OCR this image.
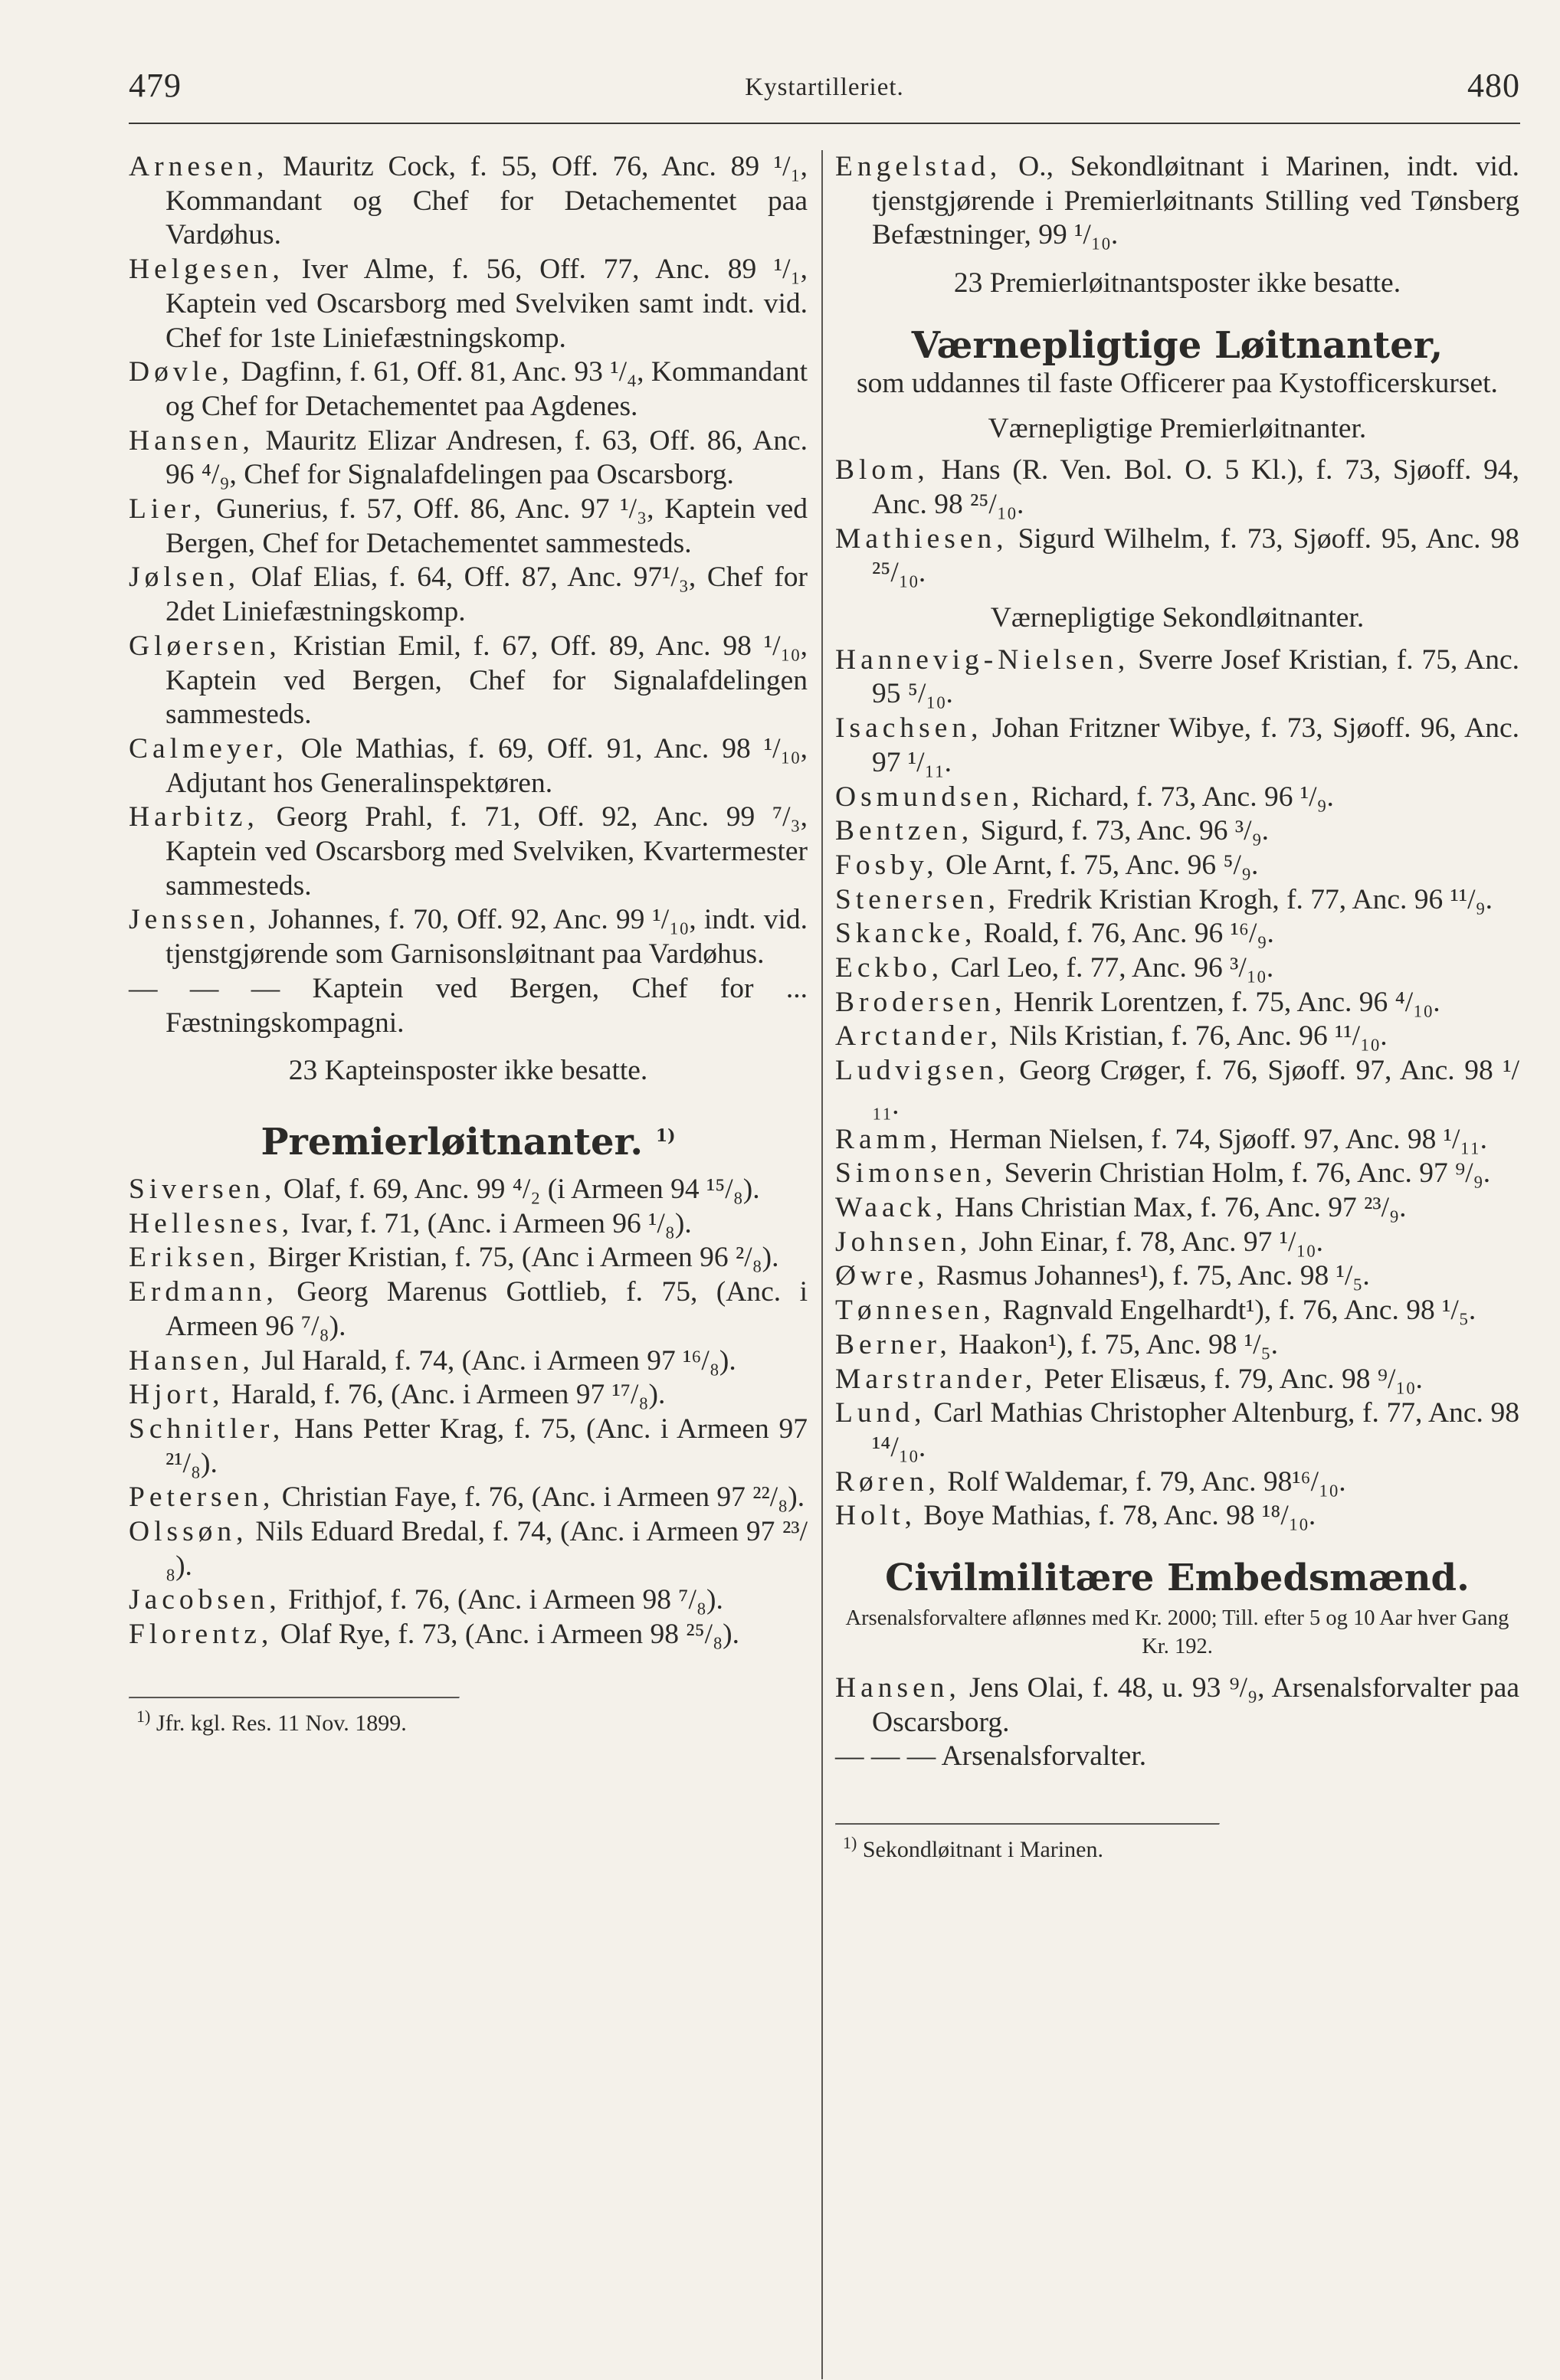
479	Kystartilleriet.	480

Arnesen, Mauritz Cock, f. 55, Off. 76, Anc. 89 ¹/₁, Kommandant og Chef for Detachementet paa Vardøhus.

Helgesen, Iver Alme, f. 56, Off. 77, Anc. 89 ¹/₁, Kaptein ved Oscarsborg med Svelviken samt indt. vid. Chef for 1ste Liniefæstningskomp.

Døvle, Dagfinn, f. 61, Off. 81, Anc. 93 ¹/₄, Kommandant og Chef for Detachementet paa Agdenes.

Hansen, Mauritz Elizar Andresen, f. 63, Off. 86, Anc. 96 ⁴/₉, Chef for Signalafdelingen paa Oscarsborg.

Lier, Gunerius, f. 57, Off. 86, Anc. 97 ¹/₃, Kaptein ved Bergen, Chef for Detachementet sammesteds.

Jølsen, Olaf Elias, f. 64, Off. 87, Anc. 97¹/₃, Chef for 2det Liniefæstningskomp.

Gløersen, Kristian Emil, f. 67, Off. 89, Anc. 98 ¹/₁₀, Kaptein ved Bergen, Chef for Signalafdelingen sammesteds.

Calmeyer, Ole Mathias, f. 69, Off. 91, Anc. 98 ¹/₁₀, Adjutant hos Generalinspektøren.

Harbitz, Georg Prahl, f. 71, Off. 92, Anc. 99 ⁷/₃, Kaptein ved Oscarsborg med Svelviken, Kvartermester sammesteds.

Jenssen, Johannes, f. 70, Off. 92, Anc. 99 ¹/₁₀, indt. vid. tjenstgjørende som Garnisonsløitnant paa Vardøhus.

— — — Kaptein ved Bergen, Chef for ... Fæstningskompagni.

23 Kapteinsposter ikke besatte.

Premierløitnanter. $^{1)}$

Siversen, Olaf, f. 69, Anc. 99 ⁴/₂ (i Armeen 94 ¹⁵/₈).

Hellesnes, Ivar, f. 71, (Anc. i Armeen 96 ¹/₈).

Eriksen, Birger Kristian, f. 75, (Anc i Armeen 96 ²/₈).

Erdmann, Georg Marenus Gottlieb, f. 75, (Anc. i Armeen 96 ⁷/₈).

Hansen, Jul Harald, f. 74, (Anc. i Armeen 97 ¹⁶/₈).

Hjort, Harald, f. 76, (Anc. i Armeen 97 ¹⁷/₈).

Schnitler, Hans Petter Krag, f. 75, (Anc. i Armeen 97 ²¹/₈).

Petersen, Christian Faye, f. 76, (Anc. i Armeen 97 ²²/₈).

Olssøn, Nils Eduard Bredal, f. 74, (Anc. i Armeen 97 ²³/₈).

Jacobsen, Frithjof, f. 76, (Anc. i Armeen 98 ⁷/₈).

Florentz, Olaf Rye, f. 73, (Anc. i Armeen 98 ²⁵/₈).

$^{1)}$ Jfr. kgl. Res. 11 Nov. 1899.

Engelstad, O., Sekondløitnant i Marinen, indt. vid. tjenstgjørende i Premierløitnants Stilling ved Tønsberg Befæstninger, 99 ¹/₁₀.

23 Premierløitnantsposter ikke besatte.

Værnepligtige Løitnanter,

som uddannes til faste Officerer paa Kystofficerskurset.

Værnepligtige Premierløitnanter.

Blom, Hans (R. Ven. Bol. O. 5 Kl.), f. 73, Sjøoff. 94, Anc. 98 ²⁵/₁₀.

Mathiesen, Sigurd Wilhelm, f. 73, Sjøoff. 95, Anc. 98 ²⁵/₁₀.

Værnepligtige Sekondløitnanter.

Hannevig-Nielsen, Sverre Josef Kristian, f. 75, Anc. 95 ⁵/₁₀.

Isachsen, Johan Fritzner Wibye, f. 73, Sjøoff. 96, Anc. 97 ¹/₁₁.

Osmundsen, Richard, f. 73, Anc. 96 ¹/₉.

Bentzen, Sigurd, f. 73, Anc. 96 ³/₉.

Fosby, Ole Arnt, f. 75, Anc. 96 ⁵/₉.

Stenersen, Fredrik Kristian Krogh, f. 77, Anc. 96 ¹¹/₉.

Skancke, Roald, f. 76, Anc. 96 ¹⁶/₉.

Eckbo, Carl Leo, f. 77, Anc. 96 ³/₁₀.

Brodersen, Henrik Lorentzen, f. 75, Anc. 96 ⁴/₁₀.

Arctander, Nils Kristian, f. 76, Anc. 96 ¹¹/₁₀.

Ludvigsen, Georg Crøger, f. 76, Sjøoff. 97, Anc. 98 ¹/₁₁.

Ramm, Herman Nielsen, f. 74, Sjøoff. 97, Anc. 98 ¹/₁₁.

Simonsen, Severin Christian Holm, f. 76, Anc. 97 ⁹/₉.

Waack, Hans Christian Max, f. 76, Anc. 97 ²³/₉.

Johnsen, John Einar, f. 78, Anc. 97 ¹/₁₀.

Øwre, Rasmus Johannes¹), f. 75, Anc. 98 ¹/₅.

Tønnesen, Ragnvald Engelhardt¹), f. 76, Anc. 98 ¹/₅.

Berner, Haakon¹), f. 75, Anc. 98 ¹/₅.

Marstrander, Peter Elisæus, f. 79, Anc. 98 ⁹/₁₀.

Lund, Carl Mathias Christopher Altenburg, f. 77, Anc. 98 ¹⁴/₁₀.

Røren, Rolf Waldemar, f. 79, Anc. 98¹⁶/₁₀.

Holt, Boye Mathias, f. 78, Anc. 98 ¹⁸/₁₀.

Civilmilitære Embedsmænd.

Arsenalsforvaltere aflønnes med Kr. 2000; Till. efter 5 og 10 Aar hver Gang Kr. 192.

Hansen, Jens Olai, f. 48, u. 93 ⁹/₉, Arsenalsforvalter paa Oscarsborg.

— — — Arsenalsforvalter.

$^{1)}$ Sekondløitnant i Marinen.
